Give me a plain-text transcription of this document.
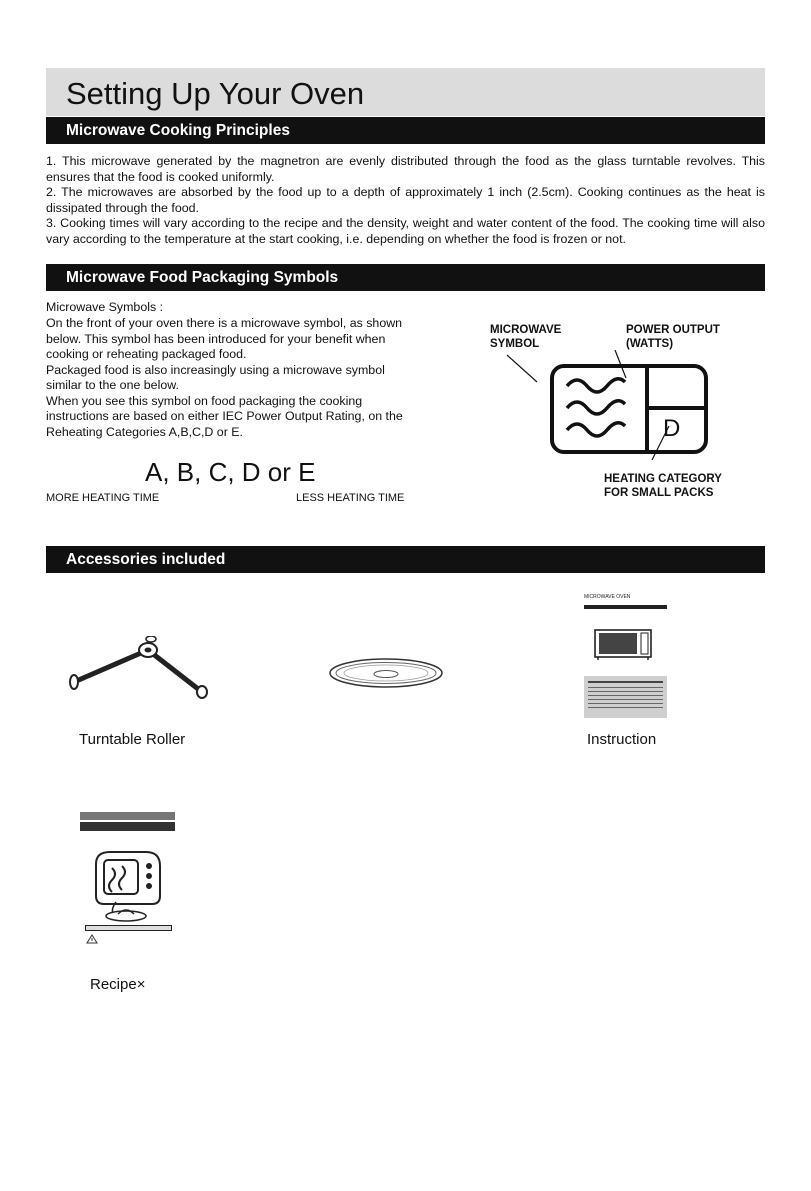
Setting Up Your Oven
Microwave Cooking Principles

1. This microwave generated by the magnetron are evenly distributed through the food as the glass turntable revolves. This ensures that the food is cooked uniformly.

2. The microwaves are absorbed by the food up to a depth of approximately 1 inch (2.5cm). Cooking continues as the heat is dissipated through the food.

3. Cooking times will vary according to the recipe and the density, weight and water content of the food. The cooking time will also vary according to the temperature at the start cooking, i.e. depending on whether the food is frozen or not.

Microwave Food Packaging Symbols

Microwave Symbols :

On the front of your oven there is a microwave symbol, as shown

below. This symbol has been introduced for your benefit when

cooking or reheating packaged food.

Packaged food is also increasingly using a microwave symbol

similar to the one below.

When you see this symbol on food packaging the cooking

instructions are based on either IEC Power Output Rating, on the

Reheating Categories A,B,C,D or E.

A, B, C, D or E
MORE HEATING TIME	LESS HEATING TIME
MICROWAVE
SYMBOL
POWER OUTPUT
(WATTS)
D
HEATING CATEGORY
FOR SMALL PACKS
Accessories included
Turntable Roller
MICROWAVE OVEN
Instruction
Recipe×
